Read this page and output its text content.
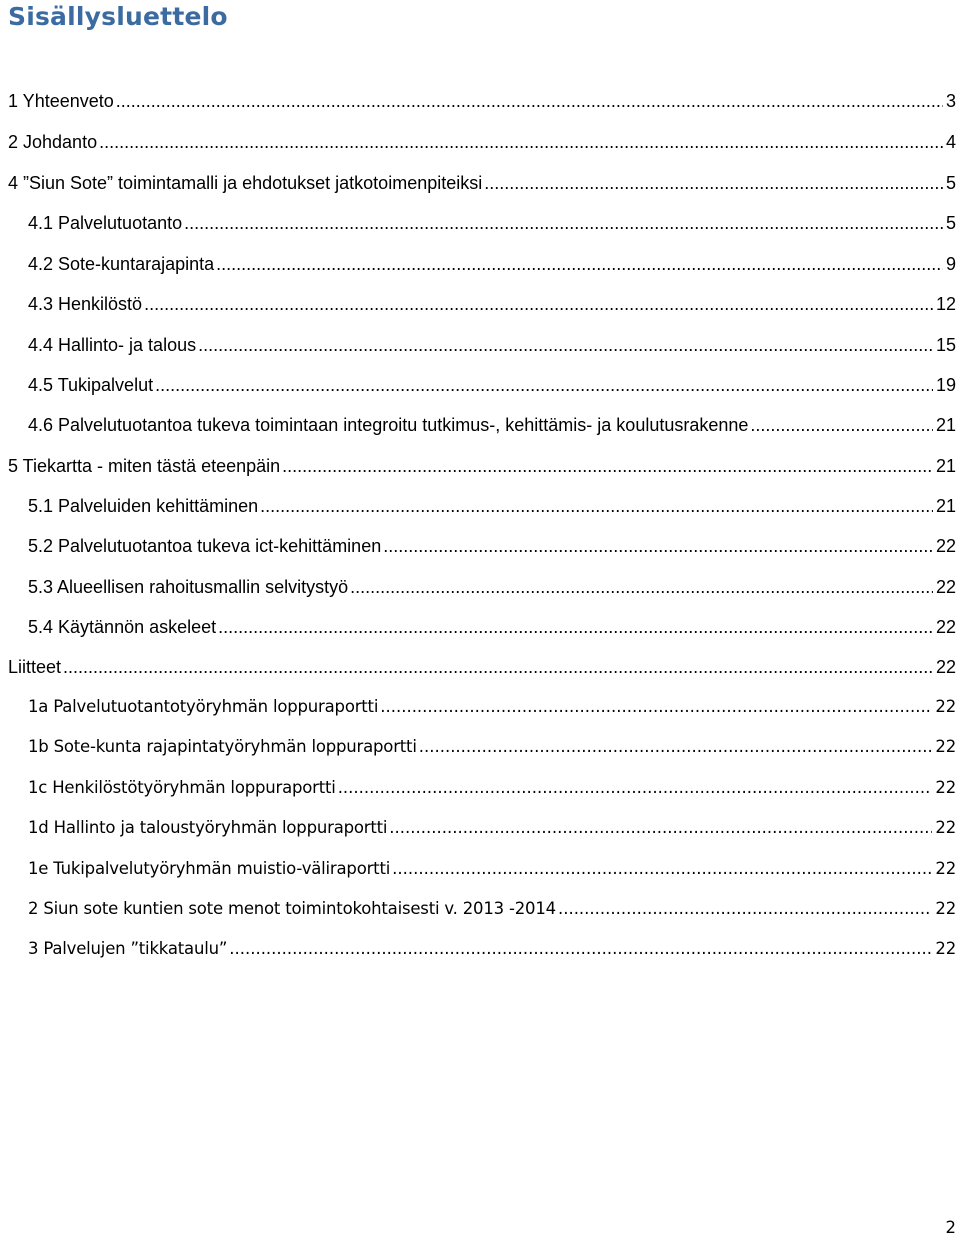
Sisällysluettelo
1 Yhteenveto .....	3
2 Johdanto .....	4
4 ”Siun Sote” toimintamalli ja ehdotukset jatkotoimenpiteiksi .....	5
4.1 Palvelutuotanto .....	5
4.2 Sote-kuntarajapinta .....	9
4.3 Henkilöstö .....	12
4.4 Hallinto- ja talous .....	15
4.5 Tukipalvelut .....	19
4.6 Palvelutuotantoa tukeva toimintaan integroitu tutkimus-, kehittämis- ja koulutusrakenne .....	21
5 Tiekartta - miten tästä eteenpäin .....	21
5.1 Palveluiden kehittäminen .....	21
5.2 Palvelutuotantoa tukeva ict-kehittäminen .....	22
5.3 Alueellisen rahoitusmallin selvitystyö .....	22
5.4 Käytännön askeleet .....	22
Liitteet .....	22
1a Palvelutuotantotyöryhmän loppuraportti .....	22
1b Sote-kunta rajapintatyöryhmän loppuraportti .....	22
1c Henkilöstötyöryhmän loppuraportti .....	22
1d Hallinto ja taloustyöryhmän loppuraportti .....	22
1e Tukipalvelutyöryhmän muistio-väliraportti .....	22
2 Siun sote kuntien sote menot toimintokohtaisesti v. 2013 -2014 .....	22
3 Palvelujen ”tikkataulu” .....	22
2
